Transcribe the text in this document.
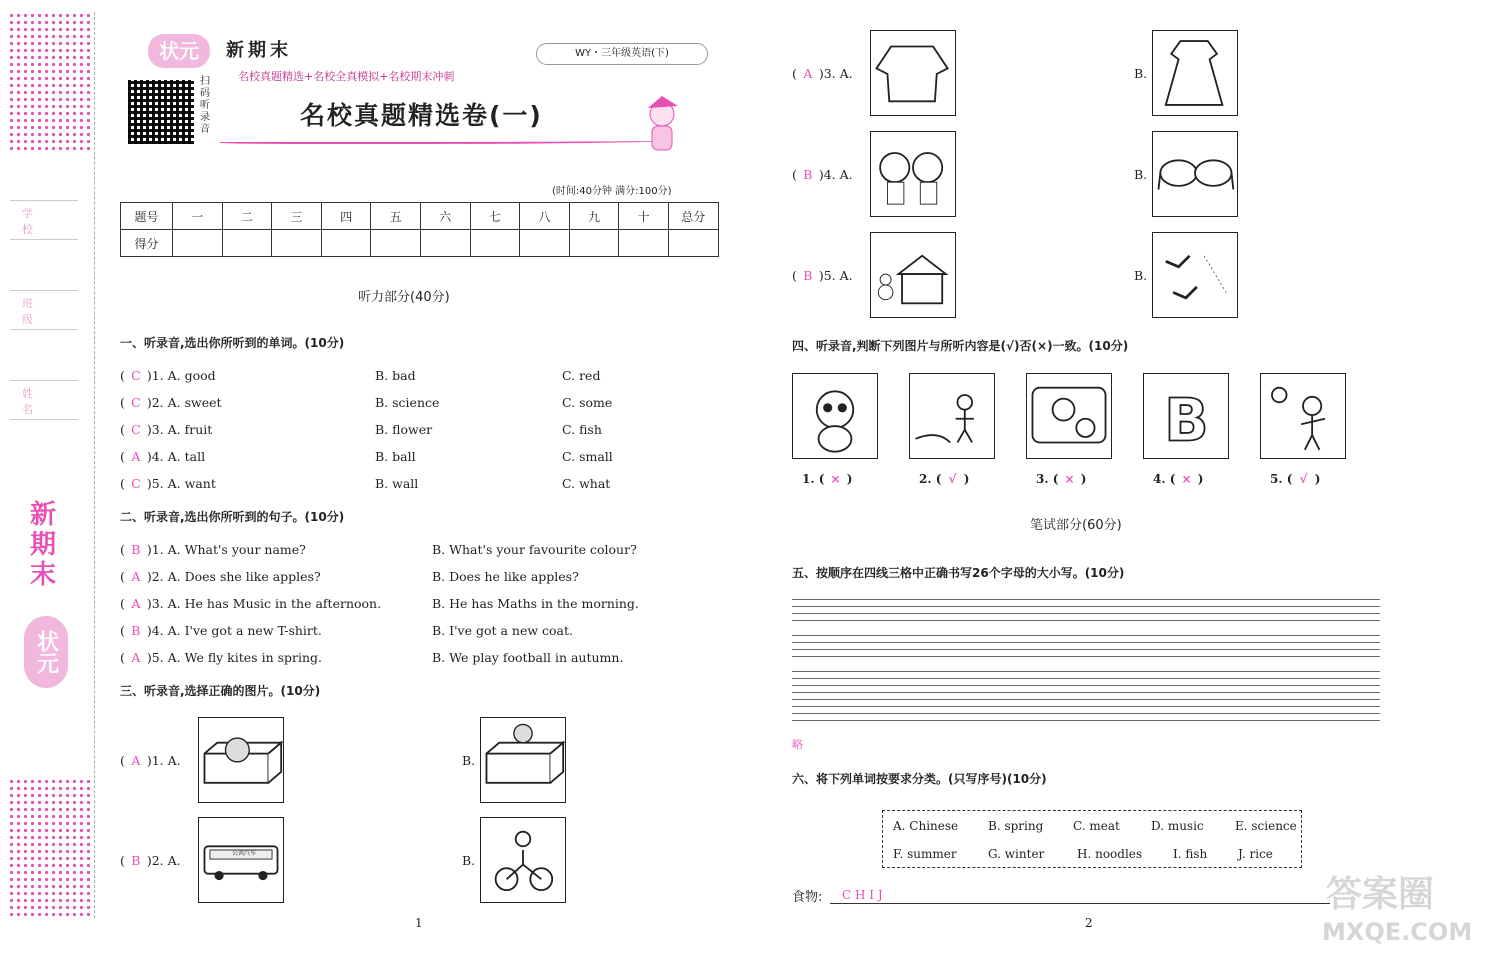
学校
班级
姓名
新期末
状元
状元	新期末
名校真题精选+名校全真模拟+名校期末冲刺
WY・三年级英语(下)
扫码听录音	名校真题精选卷(一)
(时间:40分钟 满分:100分)
题号	一	二	三	四	五	六	七	八	九	十	总分
得分											
听力部分(40分)
一、听录音,选出你所听到的单词。(10分)
( C )1. A. good	B. bad	C. red
( C )2. A. sweet	B. science	C. some
( C )3. A. fruit	B. flower	C. fish
( A )4. A. tall	B. ball	C. small
( C )5. A. want	B. wall	C. what
二、听录音,选出你所听到的句子。(10分)
( B )1. A. What's your name?	B. What's your favourite colour?
( A )2. A. Does she like apples?	B. Does he like apples?
( A )3. A. He has Music in the afternoon.	B. He has Maths in the morning.
( B )4. A. I've got a new T-shirt.	B. I've got a new coat.
( A )5. A. We fly kites in spring.	B. We play football in autumn.
三、听录音,选择正确的图片。(10分)
( A )1. A.	B.
( B )2. A.	B.
( A )3. A.	B.
( B )4. A.	B.
( B )5. A.	B.
公共汽车
1
四、听录音,判断下列图片与所听内容是(√)否(×)一致。(10分)
1. ( × )	2. ( √ )	3. ( × )
B
4. ( × )	5. ( √ )
笔试部分(60分)
五、按顺序在四线三格中正确书写26个字母的大小写。(10分)
略
六、将下列单词按要求分类。(只写序号)(10分)
A. Chinese B. spring C. meat	D. music	E. science
F. summer	G. winter	H. noodles	I. fish	J. rice
食物:	C H I J
2
答案圈
MXQE.COM
